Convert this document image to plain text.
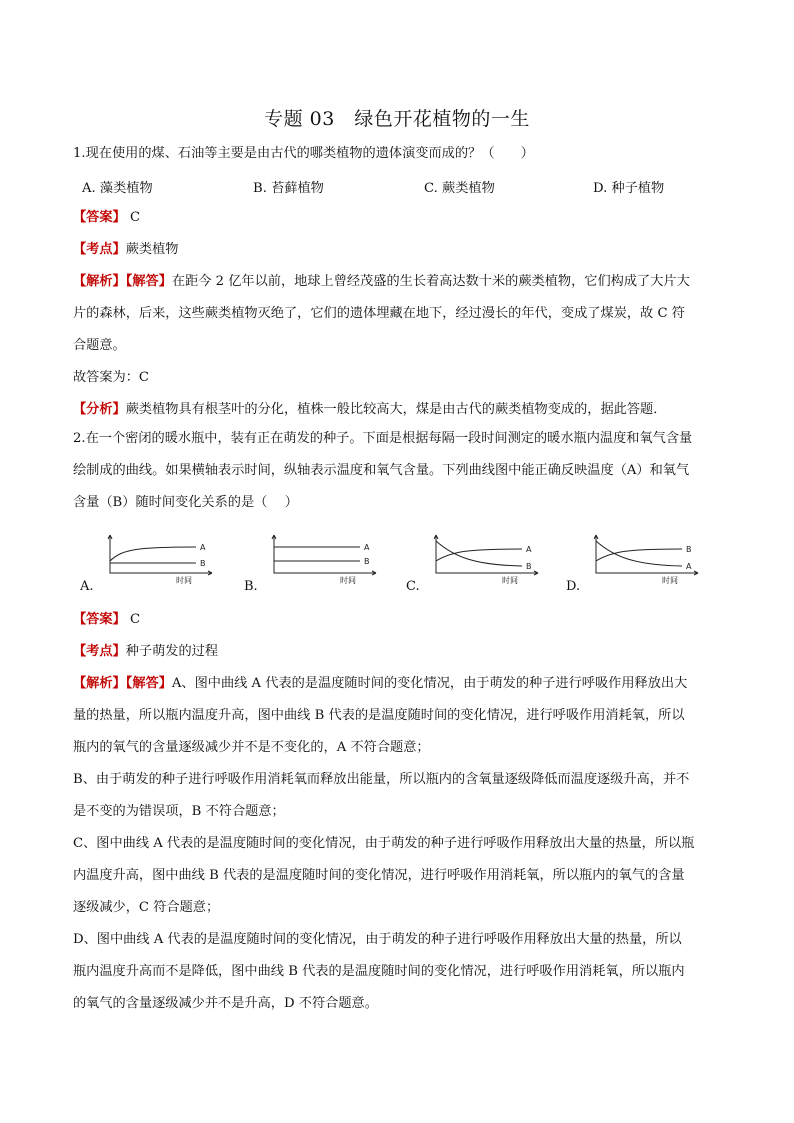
专题 03　绿色开花植物的一生
1.现在使用的煤、石油等主要是由古代的哪类植物的遗体演变而成的？（　　）
A. 藻类植物	B. 苔藓植物	C. 蕨类植物	D. 种子植物
【答案】 C
【考点】蕨类植物
【解析】【解答】在距今 2 亿年以前，地球上曾经茂盛的生长着高达数十米的蕨类植物，它们构成了大片大
片的森林，后来，这些蕨类植物灭绝了，它们的遗体埋藏在地下，经过漫长的年代，变成了煤炭，故 C 符
合题意。
故答案为：C
【分析】蕨类植物具有根茎叶的分化，植株一般比较高大，煤是由古代的蕨类植物变成的，据此答题．
2.在一个密闭的暖水瓶中，装有正在萌发的种子。下面是根据每隔一段时间测定的暖水瓶内温度和氧气含量
绘制成的曲线。如果横轴表示时间，纵轴表示温度和氧气含量。下列曲线图中能正确反映温度（A）和氧气
含量（B）随时间变化关系的是（　 ）
A.
A
B
时间	B.
A
B
时间	C.
A
B
时间	D.
B
A
时间
【答案】 C
【考点】种子萌发的过程
【解析】【解答】A、图中曲线 A 代表的是温度随时间的变化情况，由于萌发的种子进行呼吸作用释放出大
量的热量，所以瓶内温度升高，图中曲线 B 代表的是温度随时间的变化情况，进行呼吸作用消耗氧，所以
瓶内的氧气的含量逐级减少并不是不变化的，A 不符合题意；
B、由于萌发的种子进行呼吸作用消耗氧而释放出能量，所以瓶内的含氧量逐级降低而温度逐级升高，并不
是不变的为错误项，B 不符合题意；
C、图中曲线 A 代表的是温度随时间的变化情况，由于萌发的种子进行呼吸作用释放出大量的热量，所以瓶
内温度升高，图中曲线 B 代表的是温度随时间的变化情况，进行呼吸作用消耗氧，所以瓶内的氧气的含量
逐级减少，C 符合题意；
D、图中曲线 A 代表的是温度随时间的变化情况，由于萌发的种子进行呼吸作用释放出大量的热量，所以
瓶内温度升高而不是降低，图中曲线 B 代表的是温度随时间的变化情况，进行呼吸作用消耗氧，所以瓶内
的氧气的含量逐级减少并不是升高，D 不符合题意。
